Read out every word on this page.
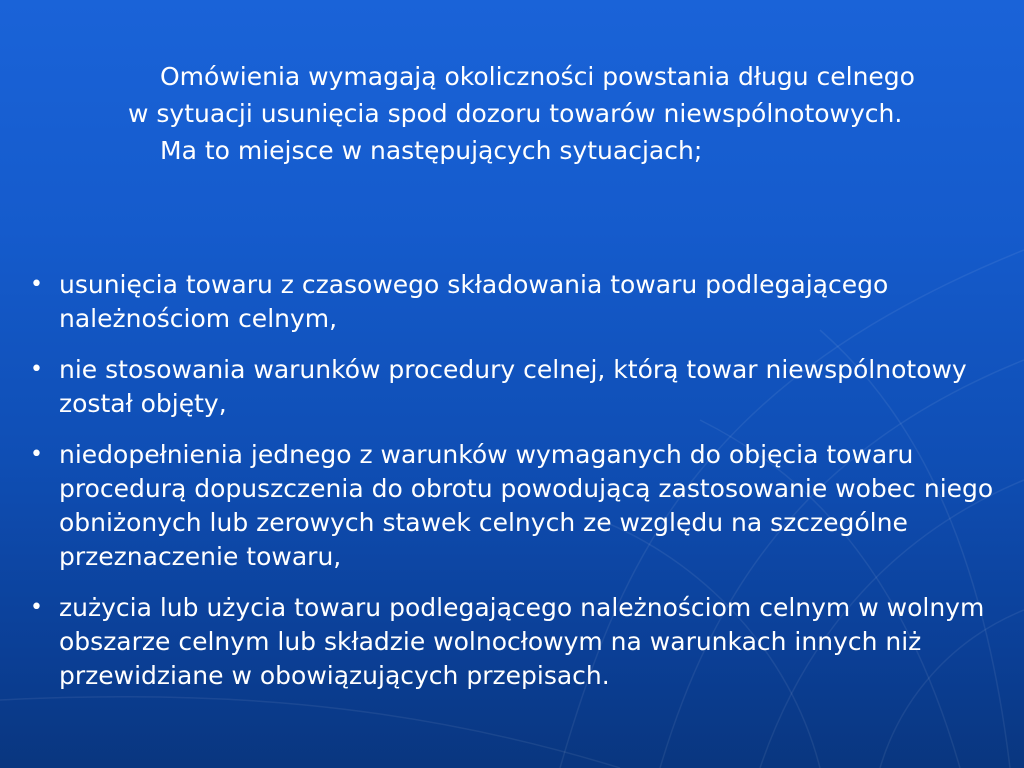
Omówienia wymagają okoliczności powstania długu celnego w sytuacji usunięcia spod dozoru towarów niewspólnotowych.

Ma to miejsce w następujących sytuacjach;

• usunięcia towaru z czasowego składowania towaru podlegającego należnościom celnym,
• nie stosowania warunków procedury celnej, którą towar niewspólnotowy został objęty,
• niedopełnienia jednego z warunków wymaganych do objęcia towaru procedurą dopuszczenia do obrotu powodującą zastosowanie wobec niego obniżonych lub zerowych stawek celnych ze względu na szczególne przeznaczenie towaru,
• zużycia lub użycia towaru podlegającego należnościom celnym w wolnym obszarze celnym lub składzie wolnocłowym na warunkach innych niż przewidziane w obowiązujących przepisach.
